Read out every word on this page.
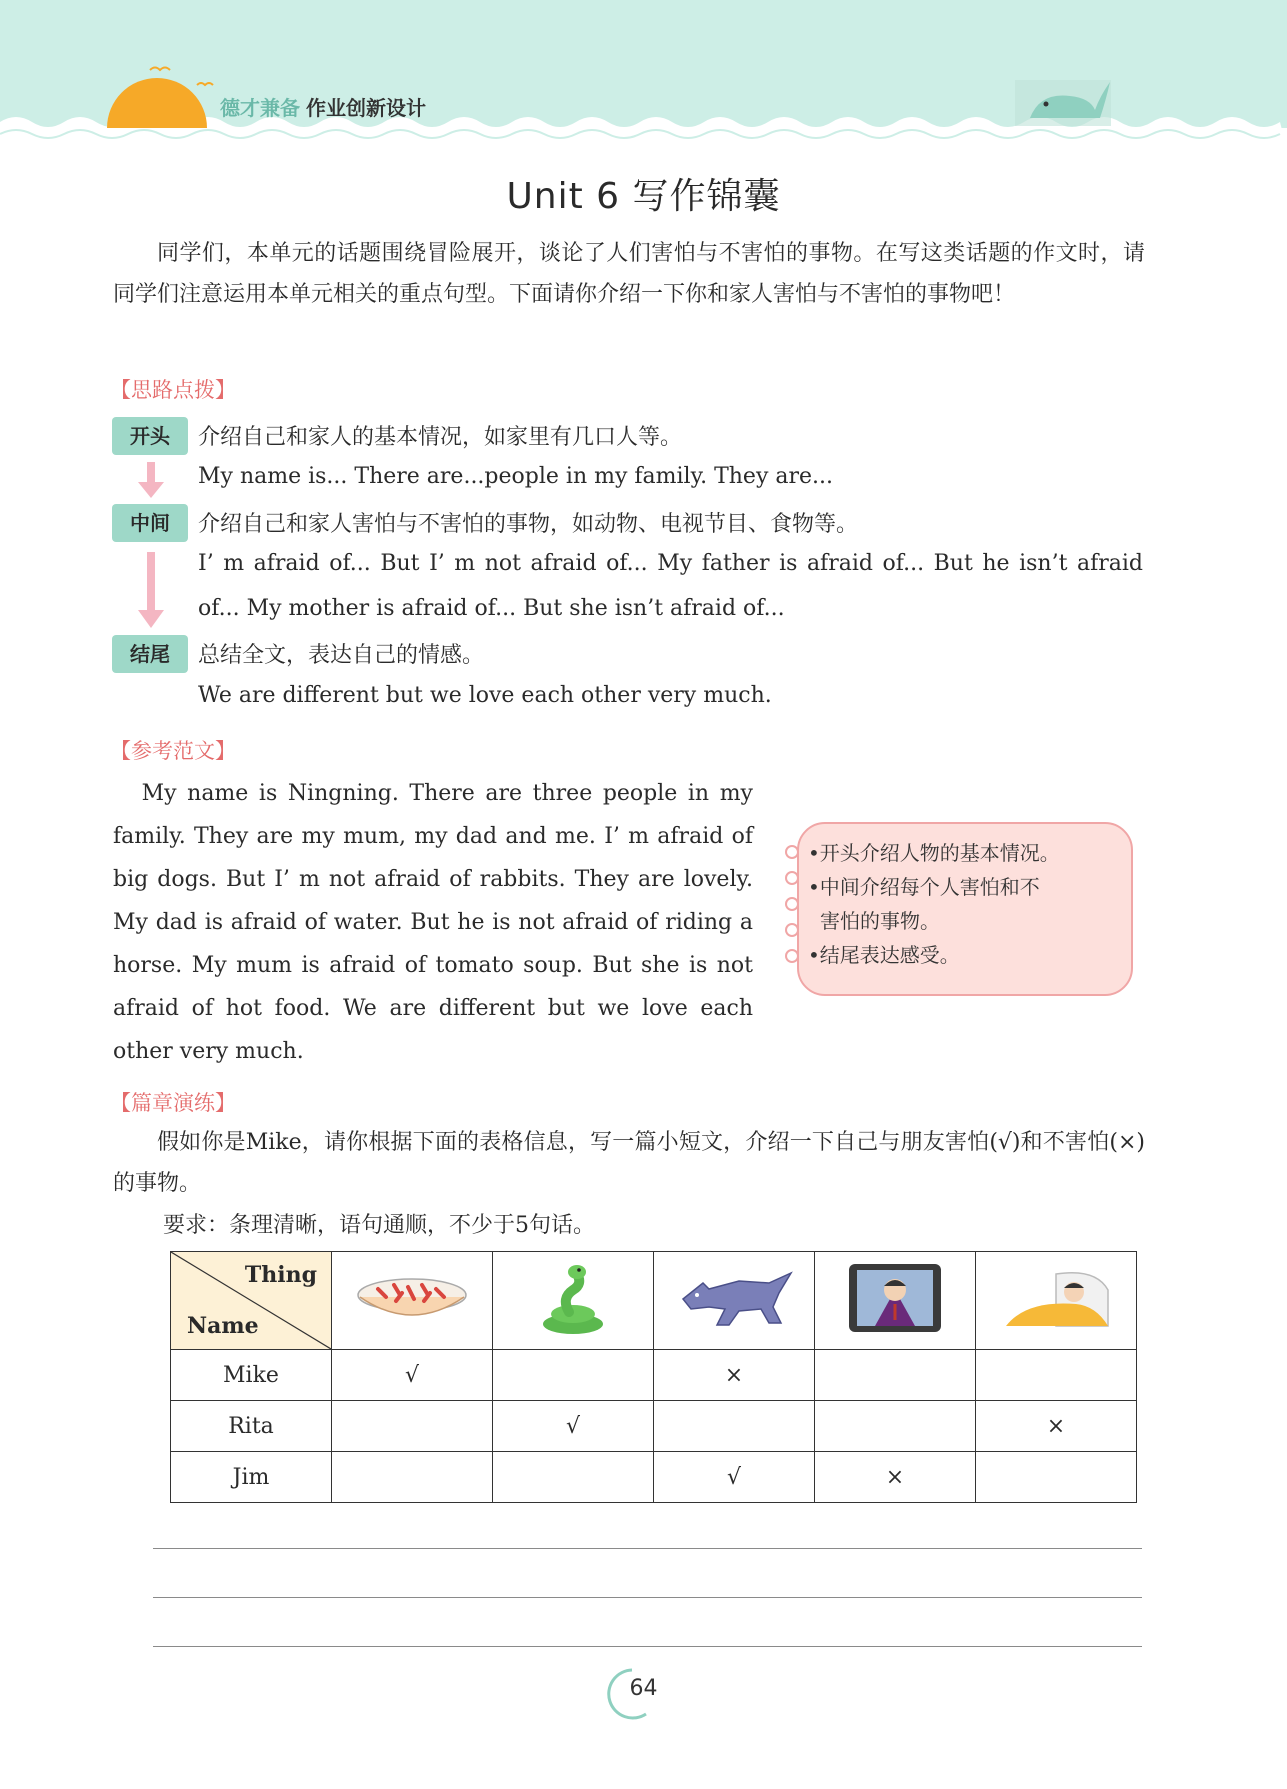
德才兼备 作业创新设计
Unit 6 写作锦囊
同学们，本单元的话题围绕冒险展开，谈论了人们害怕与不害怕的事物。在写这类话题的作文时，请同学们注意运用本单元相关的重点句型。下面请你介绍一下你和家人害怕与不害怕的事物吧！
【思路点拨】
开头	介绍自己和家人的基本情况，如家里有几口人等。
My name is... There are...people in my family. They are...
中间	介绍自己和家人害怕与不害怕的事物，如动物、电视节目、食物等。
I’ m afraid of... But I’ m not afraid of... My father is afraid of... But he isn’t afraid
of... My mother is afraid of... But she isn’t afraid of...
结尾	总结全文，表达自己的情感。
We are different but we love each other very much.
【参考范文】
My name is Ningning. There are three people in my family. They are my mum, my dad and me. I’ m afraid of big dogs. But I’ m not afraid of rabbits. They are lovely. My dad is afraid of water. But he is not afraid of riding a horse. My mum is afraid of tomato soup. But she is not afraid of hot food. We are different but we love each other very much.
•开头介绍人物的基本情况。
•中间介绍每个人害怕和不
害怕的事物。
•结尾表达感受。
【篇章演练】
假如你是Mike，请你根据下面的表格信息，写一篇小短文，介绍一下自己与朋友害怕(√)和不害怕(×)的事物。
要求：条理清晰，语句通顺，不少于5句话。
Thing
Name

Mike	√		×		
Rita		√			×
Jim			√	×	
64
